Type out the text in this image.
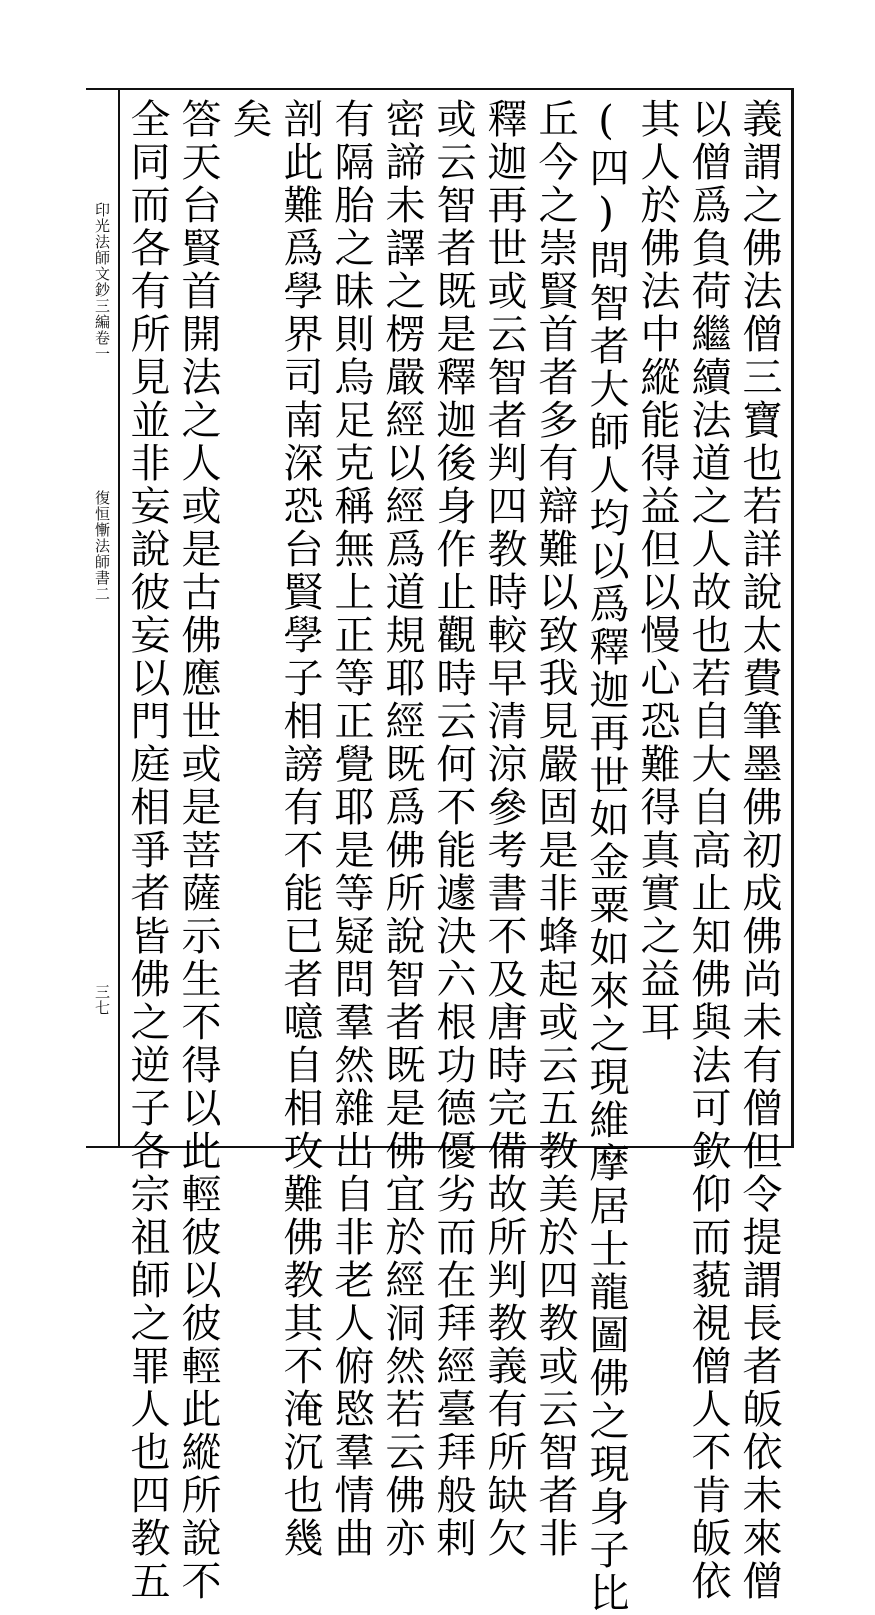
印光法師文鈔三編卷一
復恒慚法師書二
三七	義謂之佛法僧三寶也若詳說太費筆墨佛初成佛尚未有僧但令提謂長者皈依未來僧
以僧爲負荷繼續法道之人故也若自大自高止知佛與法可欽仰而藐視僧人不肯皈依
其人於佛法中縱能得益但以慢心恐難得真實之益耳
(四)問智者大師人均以爲釋迦再世如金粟如來之現維摩居士龍圖佛之現身子比
丘今之崇賢首者多有辯難以致我見嚴固是非蜂起或云五教美於四教或云智者非
釋迦再世或云智者判四教時較早清涼參考書不及唐時完備故所判教義有所缺欠
或云智者既是釋迦後身作止觀時云何不能遽決六根功德優劣而在拜經臺拜般剌
密諦未譯之楞嚴經以經爲道規耶經既爲佛所說智者既是佛宜於經洞然若云佛亦
有隔胎之昧則烏足克稱無上正等正覺耶是等疑問羣然雜出自非老人俯愍羣情曲
剖此難爲學界司南深恐台賢學子相謗有不能已者噫自相攻難佛教其不淹沉也幾
矣
答天台賢首開法之人或是古佛應世或是菩薩示生不得以此輕彼以彼輕此縱所說不
全同而各有所見並非妄說彼妄以門庭相爭者皆佛之逆子各宗祖師之罪人也四教五
